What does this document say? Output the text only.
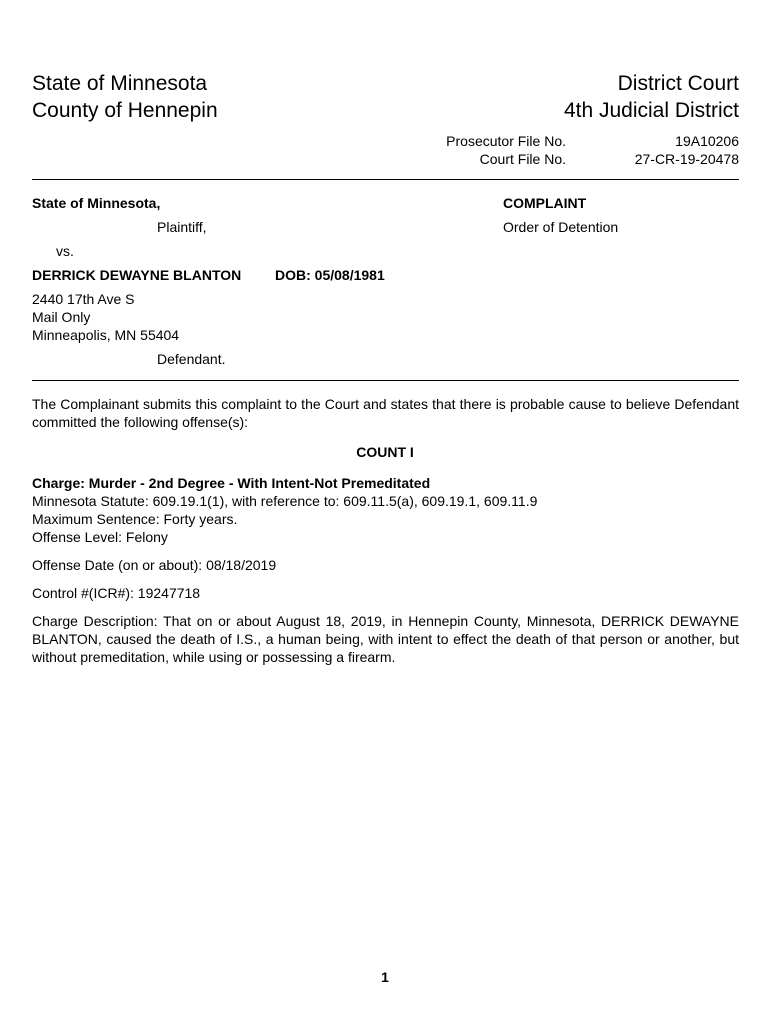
State of Minnesota
County of Hennepin
District Court
4th Judicial District
Prosecutor File No.	19A10206
Court File No.	27-CR-19-20478
State of Minnesota,
Plaintiff,
vs.
DERRICK DEWAYNE BLANTON DOB: 05/08/1981
2440 17th Ave S
Mail Only
Minneapolis, MN 55404
Defendant.
COMPLAINT
Order of Detention
The Complainant submits this complaint to the Court and states that there is probable cause to believe Defendant committed the following offense(s):
COUNT I
Charge: Murder - 2nd Degree - With Intent-Not Premeditated
Minnesota Statute: 609.19.1(1), with reference to: 609.11.5(a), 609.19.1, 609.11.9
Maximum Sentence: Forty years.
Offense Level: Felony
Offense Date (on or about): 08/18/2019
Control #(ICR#): 19247718
Charge Description: That on or about August 18, 2019, in Hennepin County, Minnesota, DERRICK DEWAYNE BLANTON, caused the death of I.S., a human being, with intent to effect the death of that person or another, but without premeditation, while using or possessing a firearm.
1
